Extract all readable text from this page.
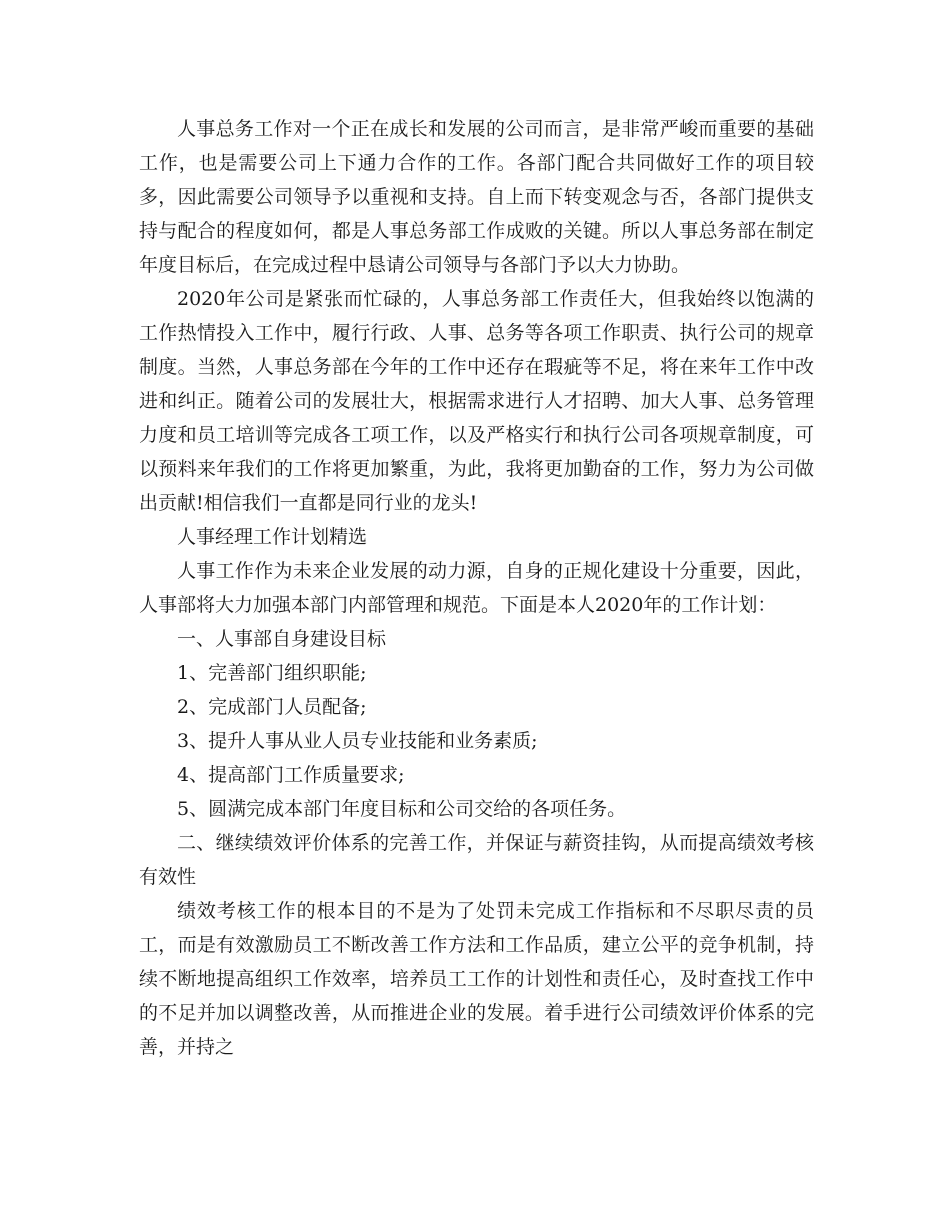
人事总务工作对一个正在成长和发展的公司而言，是非常严峻而重要的基础工作，也是需要公司上下通力合作的工作。各部门配合共同做好工作的项目较多，因此需要公司领导予以重视和支持。自上而下转变观念与否，各部门提供支持与配合的程度如何，都是人事总务部工作成败的关键。所以人事总务部在制定年度目标后，在完成过程中恳请公司领导与各部门予以大力协助。

2020年公司是紧张而忙碌的，人事总务部工作责任大，但我始终以饱满的工作热情投入工作中，履行行政、人事、总务等各项工作职责、执行公司的规章制度。当然，人事总务部在今年的工作中还存在瑕疵等不足，将在来年工作中改进和纠正。随着公司的发展壮大，根据需求进行人才招聘、加大人事、总务管理力度和员工培训等完成各工项工作，以及严格实行和执行公司各项规章制度，可以预料来年我们的工作将更加繁重，为此，我将更加勤奋的工作，努力为公司做出贡献!相信我们一直都是同行业的龙头!

人事经理工作计划精选

人事工作作为未来企业发展的动力源，自身的正规化建设十分重要，因此，人事部将大力加强本部门内部管理和规范。下面是本人2020年的工作计划：

一、人事部自身建设目标

1、完善部门组织职能;

2、完成部门人员配备;

3、提升人事从业人员专业技能和业务素质;

4、提高部门工作质量要求;

5、圆满完成本部门年度目标和公司交给的各项任务。

二、继续绩效评价体系的完善工作，并保证与薪资挂钩，从而提高绩效考核有效性

绩效考核工作的根本目的不是为了处罚未完成工作指标和不尽职尽责的员工，而是有效激励员工不断改善工作方法和工作品质，建立公平的竞争机制，持续不断地提高组织工作效率，培养员工工作的计划性和责任心，及时查找工作中的不足并加以调整改善，从而推进企业的发展。着手进行公司绩效评价体系的完善，并持之
